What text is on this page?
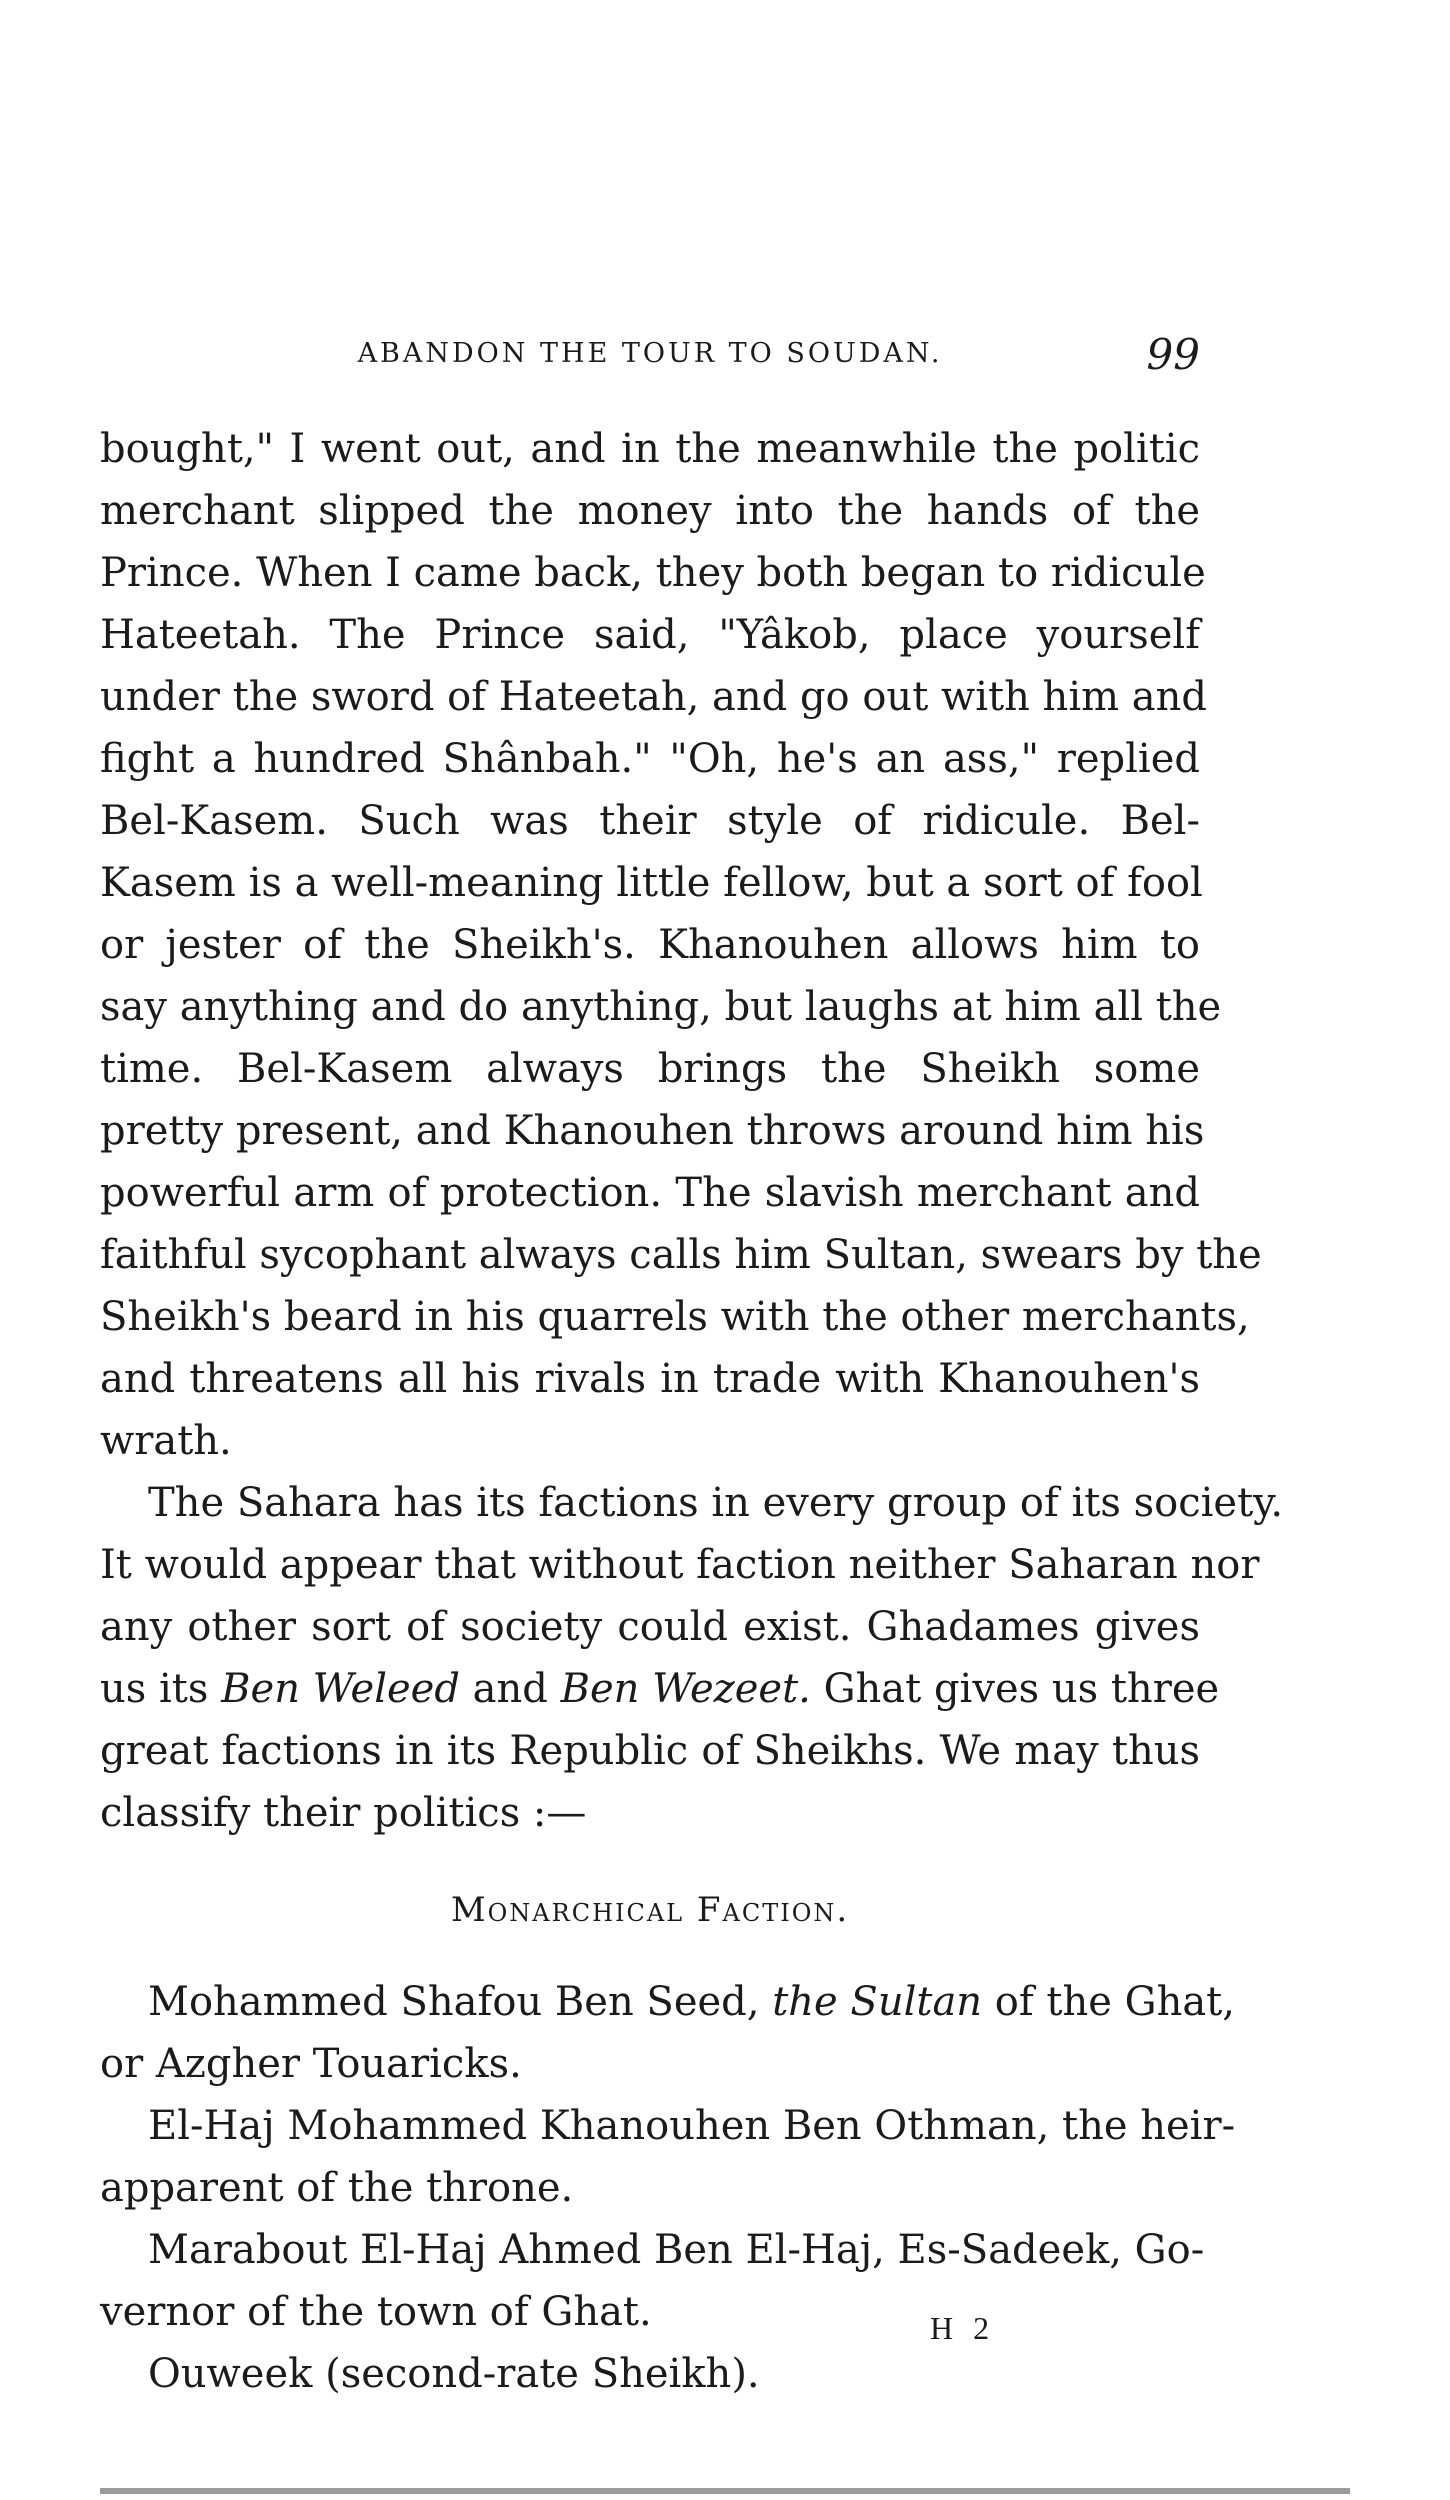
ABANDON THE TOUR TO SOUDAN.	99

bought," I went out, and in the meanwhile the politic

merchant slipped the money into the hands of the

Prince. When I came back, they both began to ridicule

Hateetah. The Prince said, "Yâkob, place yourself

under the sword of Hateetah, and go out with him and

fight a hundred Shânbah." "Oh, he's an ass," replied

Bel-Kasem. Such was their style of ridicule. Bel-

Kasem is a well-meaning little fellow, but a sort of fool

or jester of the Sheikh's. Khanouhen allows him to

say anything and do anything, but laughs at him all the

time. Bel-Kasem always brings the Sheikh some

pretty present, and Khanouhen throws around him his

powerful arm of protection. The slavish merchant and

faithful sycophant always calls him Sultan, swears by the

Sheikh's beard in his quarrels with the other merchants,

and threatens all his rivals in trade with Khanouhen's

wrath.

The Sahara has its factions in every group of its society.

It would appear that without faction neither Saharan nor

any other sort of society could exist. Ghadames gives

us its Ben Weleed and Ben Wezeet. Ghat gives us three

great factions in its Republic of Sheikhs. We may thus

classify their politics :—

Monarchical Faction.

Mohammed Shafou Ben Seed, the Sultan of the Ghat,

or Azgher Touaricks.

El-Haj Mohammed Khanouhen Ben Othman, the heir-

apparent of the throne.

Marabout El-Haj Ahmed Ben El-Haj, Es-Sadeek, Go-

vernor of the town of Ghat.

Ouweek (second-rate Sheikh).

H 2
